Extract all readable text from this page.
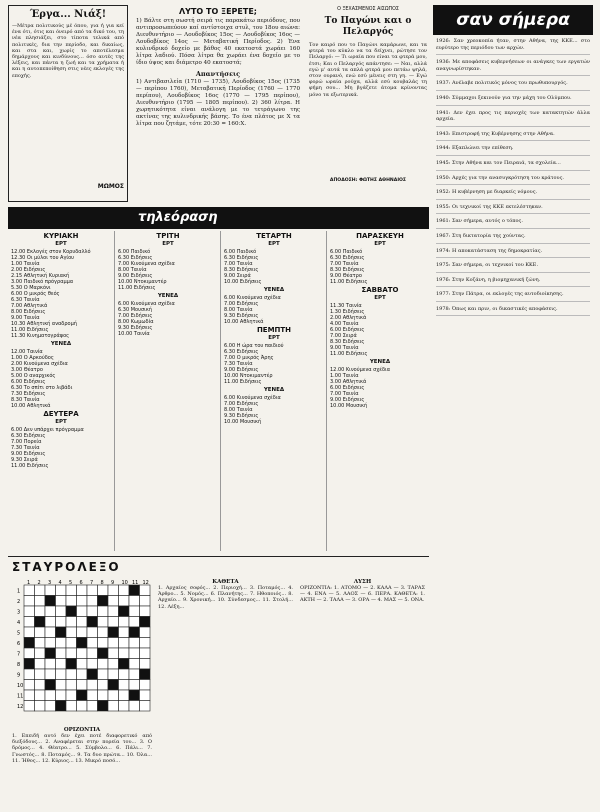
Έργα... Νιάξ!
—Μέτρα πολιτικούς μέ όπου, για ή για κεί ένα ότι, ότις και όνειρό από τα δικό του, τη νέα πλησιάζει, στο τίποτα τελικά από πολιτικές, δια την περίοδο, και δικαίως, και στα και, χωρίς το αποτέλεσμα δημάρχους και κινδύνους... όσο αυτές της λέξεις, και πάντα η ζωή και τα χρήματα ή και η αυτοπεποίθηση στις νέες εκλογές της εποχής.
ΜΩΜΟΣ
ΛΥΤΟ ΤΟ ΞΕΡΕΤΕ;
1) Βάλτε στη σωστή σειρά τις παρακάτω περιόδους, που αντιπροσωπεύουν καί αντίστοιχα στυλ, του 18ου αιώνα: Διευθυντήριο — Λουδοβίκος 15ος — Λουδοβίκος 16ος — Λουδοβίκος 14ος — Μεταβατική Περίοδος. 2) Ένα κυλινδρικό δοχείο με βάθος 40 εκατοστά χωράει 160 λίτρα λαδιού. Πόσα λίτρα θα χωράει ένα δοχείο με το ίδιο ύψος και διάμετρο 40 εκατοστά;
Απαντήσεις
1) Αντιβασιλεία (1710 — 1735), Λουδοβίκος 15ος (1735 — περίπου 1760), Μεταβατική Περίοδος (1760 — 1770 περίπου), Λουδοβίκος 16ος (1770 — 1795 περίπου), Διευθυντήριο (1795 — 1805 περίπου). 2) 360 λίτρα. Η χωρητικότητα είναι ανάλογη με το τετράγωνο της ακτίνας της κυλινδρικής βάσης. Το ένα πλάτος με Χ τα λίτρα που ζητάμε, τότε 20:30 = 160:Χ.
Ο ΞΕΧΑΣΜΕΝΟΣ ΑΙΣΩΠΟΣ
Το Παγώνι και ο Πελαργός
Τον καιρό που το Παγώνι καμάρωνε, και τα φτερά του κύκλο να τα δείχνει, ρώτησε τον Πελαργό: — Τι ωραία που είναι τα φτερά μου, έτσι; Και ο Πελαργός απάντησε: — Ναι, αλλά εγώ μ' αυτά τα απλά φτερά μου πετάω ψηλά, στον ουρανό, ενώ εσύ μένεις στη γη. — Εγώ φορώ ωραία ρούχα, αλλά εσύ κουβαλάς τη φήμη σου... Μη βγάζετε άτομα κρίνοντας μόνο τα εξωτερικά.
ΑΠΟΔΟΣΗ: ΦΩΤΗΣ ΑΘΗΝΑΙΟΣ
σαν σήμερα
1926: Σαν χρεοκοπία ήταν, στην Αθήνα, της ΚΚΕ... στο ευρύτερο της περιόδου των αρχών.
1936: Με αποφάσεις κυβερνήσεων οι ανάγκες των εργατών αναγνωρίστηκαν.
1937: Ανέλαβε πολιτικός μόνος του πρωθυπουργός.
1940: Σύμμαχοι ξεκινούν για την μάχη του Ολύμπου.
1941: Δεν έχει προς τις περιοχές των κατακτητών άλλα αρχεία.
1943: Επιστροφή της Κυβέρνησης στην Αθήνα.
1944: Εξαπλώνει την επίθεση.
1945: Στην Αθήνα και τον Πειραιά, τα σχολεία...
1950: Αρχές για την ανασυγκρότηση του κράτους.
1952: Η κυβέρνηση με διαρκείς νόμους.
1955: Οι τεχνικοί της ΚΚΕ εκτελέστηκαν.
1961: Σαν σήμερα, αυτός ο τόπος.
1967: Στη δικτατορία της χούντας.
1974: Η αποκατάσταση της δημοκρατίας.
1975: Σαν σήμερα, οι τεχνικοί του ΚΚΕ.
1976: Στην Κοζάνη, η βιομηχανική ζώνη.
1977: Στην Πάτρα, οι εκλογές της αυτοδιοίκησης.
1978: Όπως και πριν, οι δικαστικές αποφάσεις.
τηλεόραση
ΚΥΡΙΑΚΗ
ΕΡΤ
12.00 Εκλογές στον Κορυδαλλό
12.30 Οι μύλοι του Αγίου
1.00 Ταινία
2.00 Ειδήσεις
2.15 Αθλητική Κυριακή
3.00 Παιδικό πρόγραμμα
5.30 Ο Μαρκόνι
6.00 Ο μικρός θεός
6.30 Ταινία
7.00 Αθλητικά
8.00 Ειδήσεις
9.00 Ταινία
10.30 Αθλητική αναδρομή
11.00 Ειδήσεις
11.30 Κινηματογράφος
ΥΕΝΕΔ
12.00 Ταινία
1.00 Ο Αρκούδος
2.00 Κινούμενα σχέδια
3.00 Θέατρο
5.00 Ο αναρχικός
6.00 Ειδήσεις
6.30 Το σπίτι στο λιβάδι
7.30 Ειδήσεις
8.30 Ταινία
10.00 Αθλητικά
ΔΕΥΤΕΡΑ
ΕΡΤ
6.00 Δεν υπάρχει πρόγραμμα
6.30 Ειδήσεις
7.00 Πορεία
7.30 Ταινία
9.00 Ειδήσεις
9.30 Σειρά
11.00 Ειδήσεις
ΤΡΙΤΗ
ΕΡΤ
6.00 Παιδικό
6.30 Ειδήσεις
7.00 Κινούμενα σχέδια
8.00 Ταινία
9.00 Ειδήσεις
10.00 Ντοκιμαντέρ
11.00 Ειδήσεις
ΥΕΝΕΔ
6.00 Κινούμενα σχέδια
6.30 Μουσική
7.00 Ειδήσεις
8.00 Κωμωδία
9.30 Ειδήσεις
10.00 Ταινία
ΤΕΤΑΡΤΗ
ΕΡΤ
6.00 Παιδικό
6.30 Ειδήσεις
7.00 Ταινία
8.30 Ειδήσεις
9.00 Σειρά
10.00 Ειδήσεις
ΥΕΝΕΔ
6.00 Κινούμενα σχέδια
7.00 Ειδήσεις
8.00 Ταινία
9.30 Ειδήσεις
10.00 Αθλητικά
ΠΕΜΠΤΗ
ΕΡΤ
6.00 Η ώρα του παιδιού
6.30 Ειδήσεις
7.00 Ο μικρός Άρης
7.30 Ταινία
9.00 Ειδήσεις
10.00 Ντοκιμαντέρ
11.00 Ειδήσεις
ΥΕΝΕΔ
6.00 Κινούμενα σχέδια
7.00 Ειδήσεις
8.00 Ταινία
9.30 Ειδήσεις
10.00 Μουσική
ΠΑΡΑΣΚΕΥΗ
ΕΡΤ
6.00 Παιδικό
6.30 Ειδήσεις
7.00 Ταινία
8.30 Ειδήσεις
9.00 Θέατρο
11.00 Ειδήσεις
ΣΑΒΒΑΤΟ
ΕΡΤ
11.30 Ταινία
1.30 Ειδήσεις
2.00 Αθλητικά
4.00 Ταινία
6.00 Ειδήσεις
7.00 Σειρά
8.30 Ειδήσεις
9.00 Ταινία
11.00 Ειδήσεις
ΥΕΝΕΔ
12.00 Κινούμενα σχέδια
1.00 Ταινία
3.00 Αθλητικά
6.00 Ειδήσεις
7.00 Ταινία
9.00 Ειδήσεις
10.00 Μουσική
ΣΤΑΥΡΟΛΕΞΟ
1
1
2
2
3
3
4
4
5
5
6
6
7
7
8
8
9
9
10
10
11
11
12
12
ΟΡΙΖΟΝΤΙΑ
1. Επειδή αυτό δεν έχει ποτέ διαφορετικό από διεξόδους... 2. Αναφέρεται στην πορεία του... 3. Ο δρόμος... 4. Θέατρο... 5. Σύμβολο... 6. Πάλι... 7. Γνωστός... 8. Ποταμός... 9. Τα δυο πρώτα... 10. Όλα... 11. Ήθος... 12. Κύριος... 13. Μικρό ποσό...
ΚΑΘΕΤΑ
1. Αρχαίος σοφός... 2. Περιοχή... 3. Ποταμός... 4. Άρθρο... 5. Νομός... 6. Πλανήτης... 7. Ηθοποιός... 8. Αρχαίο... 9. Χρονική... 10. Σύνδεσμος... 11. Στολή... 12. Λέξη...
ΛΥΣΗ
ΟΡΙΖΟΝΤΙΑ: 1. ΑΤΟΜΟ — 2. ΚΑΛΑ — 3. ΤΑΡΑΣ — 4. ΕΝΑ — 5. ΛΑΟΣ — 6. ΠΕΡΑ. ΚΑΘΕΤΑ: 1. ΑΚΤΗ — 2. ΤΑΛΑ — 3. ΟΡΑ — 4. ΜΑΣ — 5. ΟΝΑ.
